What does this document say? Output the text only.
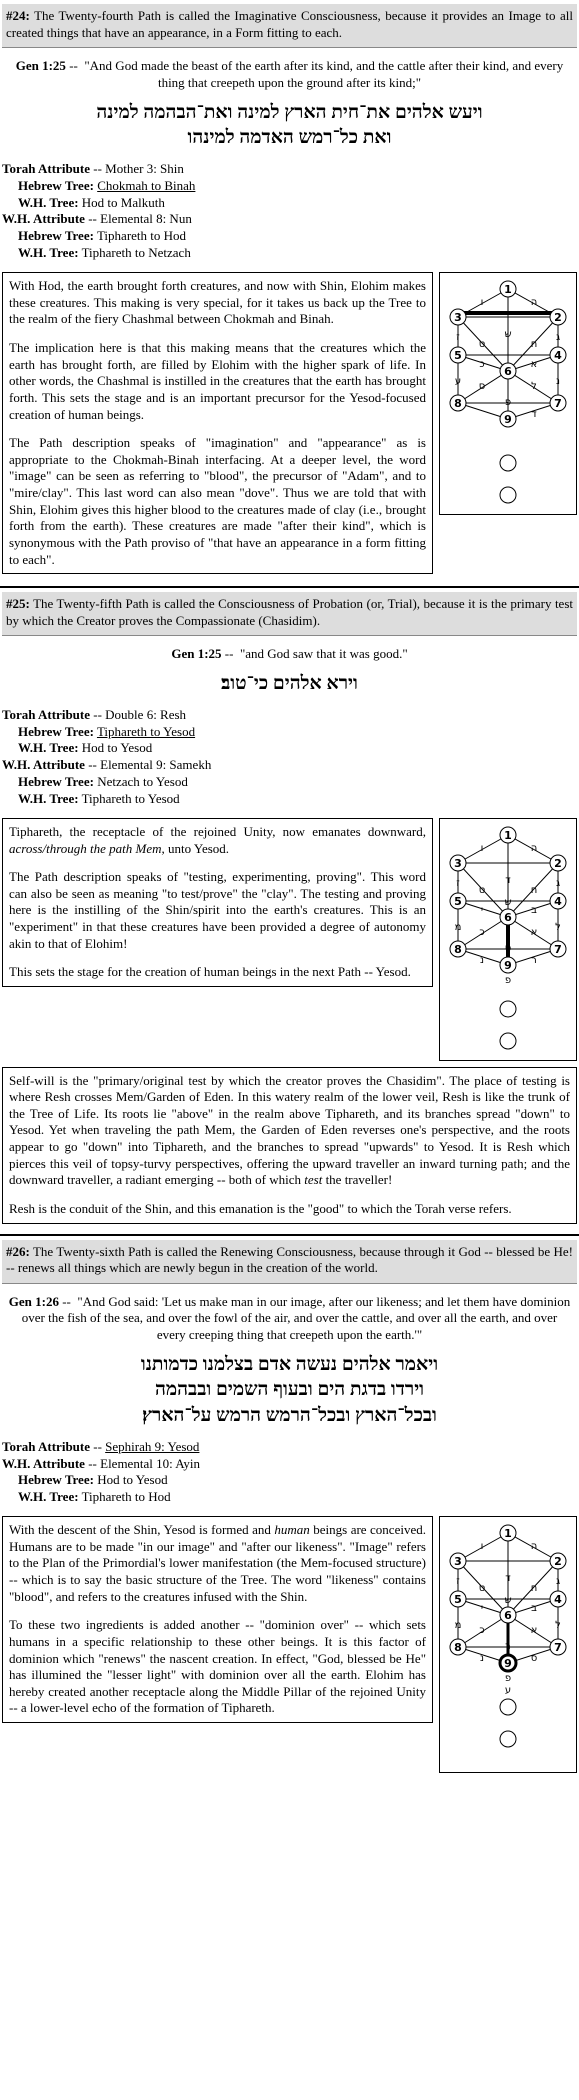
#24: The Twenty-fourth Path is called the Imaginative Consciousness, because it provides an Image to all created things that have an appearance, in a Form fitting to each.

Gen 1:25 -- "And God made the beast of the earth after its kind, and the cattle after their kind, and every thing that creepeth upon the ground after its kind;"
ויעש אלהים את־חית הארץ למינה ואת־הבהמה למינה
ואת כל־רמש האדמה למינהו
Torah Attribute -- Mother 3: Shin
Hebrew Tree: Chokmah to Binah
W.H. Tree: Hod to Malkuth
W.H. Attribute -- Elemental 8: Nun
Hebrew Tree: Tiphareth to Hod
W.H. Tree: Tiphareth to Netzach

With Hod, the earth brought forth creatures, and now with Shin, Elohim makes these creatures. This making is very special, for it takes us back up the Tree to the realm of the fiery Chashmal between Chokmah and Binah.

The implication here is that this making means that the creatures which the earth has brought forth, are filled by Elohim with the higher spark of life. In other words, the Chashmal is instilled in the creatures that the earth has brought forth. This sets the stage and is an important precursor for the Yesod-focused creation of human beings.

The Path description speaks of "imagination" and "appearance" as is appropriate to the Chokmah-Binah interfacing. At a deeper level, the word "image" can be seen as referring to "blood", the precursor of "Adam", and to "mire/clay". This last word can also mean "dove". Thus we are told that with Shin, Elohim gives this higher blood to the creatures made of clay (i.e., brought forth from the earth). These creatures are made "after their kind", which is synonymous with the Path proviso of "that have an appearance in a form fitting to each".

ה
ו
ש	ג
ז
ח
ט
י
א
כ
ל
ס	נ
ע
פ
ד
1
2
3
4
5
6
7
8
9

#25: The Twenty-fifth Path is called the Consciousness of Probation (or, Trial), because it is the primary test by which the Creator proves the Compassionate (Chasidim).

Gen 1:25 -- "and God saw that it was good."
וירא אלהים כי־טוב׃
Torah Attribute -- Double 6: Resh
Hebrew Tree: Tiphareth to Yesod
W.H. Tree: Hod to Yesod
W.H. Attribute -- Elemental 9: Samekh
Hebrew Tree: Netzach to Yesod
W.H. Tree: Tiphareth to Yesod

Tiphareth, the receptacle of the rejoined Unity, now emanates downward, across/through the path Mem, unto Yesod.

The Path description speaks of "testing, experimenting, proving". This word can also be seen as meaning "to test/prove" the "clay". The testing and proving here is the instilling of the Shin/spirit into the earth's creatures. This is an "experiment" in that these creatures have been provided a degree of autonomy akin to that of Elohim!

This sets the stage for the creation of human beings in the next Path -- Yesod.

ה
ו
ד	ג
ז
ח
ט
ש
ב
י
א
כ	ל
מ
ס
ר
נ
פ
1
2
3
4
5
6
7
8
9

Self-will is the "primary/original test by which the creator proves the Chasidim". The place of testing is where Resh crosses Mem/Garden of Eden. In this watery realm of the lower veil, Resh is like the trunk of the Tree of Life. Its roots lie "above" in the realm above Tiphareth, and its branches spread "down" to Yesod. Yet when traveling the path Mem, the Garden of Eden reverses one's perspective, and the roots appear to go "down" into Tiphareth, and the branches to spread "upwards" to Yesod. It is Resh which pierces this veil of topsy-turvy perspectives, offering the upward traveller an inward turning path; and the downward traveller, a radiant emerging -- both of which test the traveller!

Resh is the conduit of the Shin, and this emanation is the "good" to which the Torah verse refers.

#26: The Twenty-sixth Path is called the Renewing Consciousness, because through it God -- blessed be He! -- renews all things which are newly begun in the creation of the world.

Gen 1:26 -- "And God said: 'Let us make man in our image, after our likeness; and let them have dominion over the fish of the sea, and over the fowl of the air, and over the cattle, and over all the earth, and over every creeping thing that creepeth upon the earth.'"
ויאמר אלהים נעשה אדם בצלמנו כדמותנו
וירדו בדגת הים ובעוף השמים ובבהמה
ובכל־הארץ ובכל־הרמש הרמש על־הארץ׃
Torah Attribute -- Sephirah 9: Yesod
W.H. Attribute -- Elemental 10: Ayin
Hebrew Tree: Hod to Yesod
W.H. Tree: Tiphareth to Hod

With the descent of the Shin, Yesod is formed and human beings are conceived. Humans are to be made "in our image" and "after our likeness". "Image" refers to the Plan of the Primordial's lower manifestation (the Mem-focused structure) -- which is to say the basic structure of the Tree. The word "likeness" contains "blood", and refers to the creatures infused with the Shin.

To these two ingredients is added another -- "dominion over" -- which sets humans in a specific relationship to these other beings. It is this factor of dominion which "renews" the nascent creation. In effect, "God, blessed be He" has illumined the "lesser light" with dominion over all the earth. Elohim has hereby created another receptacle along the Middle Pillar of the rejoined Unity -- a lower-level echo of the formation of Tiphareth.

ה
ו
ד	ג
ז
ח
ט
ש
ב
י
א
כ	ל
מ
ר
ס
נ
פ
ע
1
2
3
4
5
6
7
8
9
